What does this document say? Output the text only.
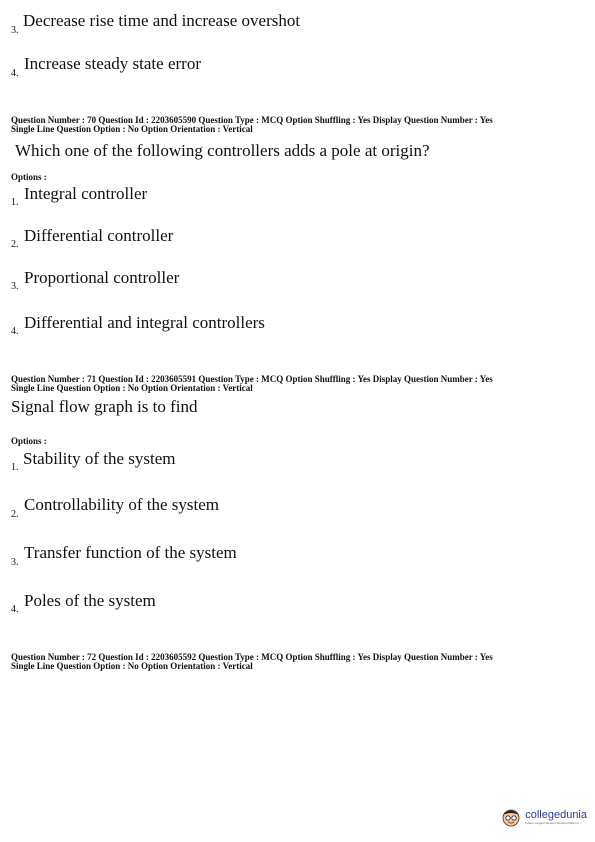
3.
Decrease rise time and increase overshot
4.
Increase steady state error
Question Number : 70 Question Id : 2203605590 Question Type : MCQ Option Shuffling : Yes Display Question Number : Yes
Single Line Question Option : No Option Orientation : Vertical
Which one of the following controllers adds a pole at origin?
Options :
1. Integral controller
2. Differential controller
3. Proportional controller
4. Differential and integral controllers
Question Number : 71 Question Id : 2203605591 Question Type : MCQ Option Shuffling : Yes Display Question Number : Yes
Single Line Question Option : No Option Orientation : Vertical
Signal flow graph is to find
Options :
1. Stability of the system
2.
Controllability of the system
3.
Transfer function of the system
4. Poles of the system
Question Number : 72 Question Id : 2203605592 Question Type : MCQ Option Shuffling : Yes Display Question Number : Yes
Single Line Question Option : No Option Orientation : Vertical
collegedunia
India's Largest Student Review Platform
